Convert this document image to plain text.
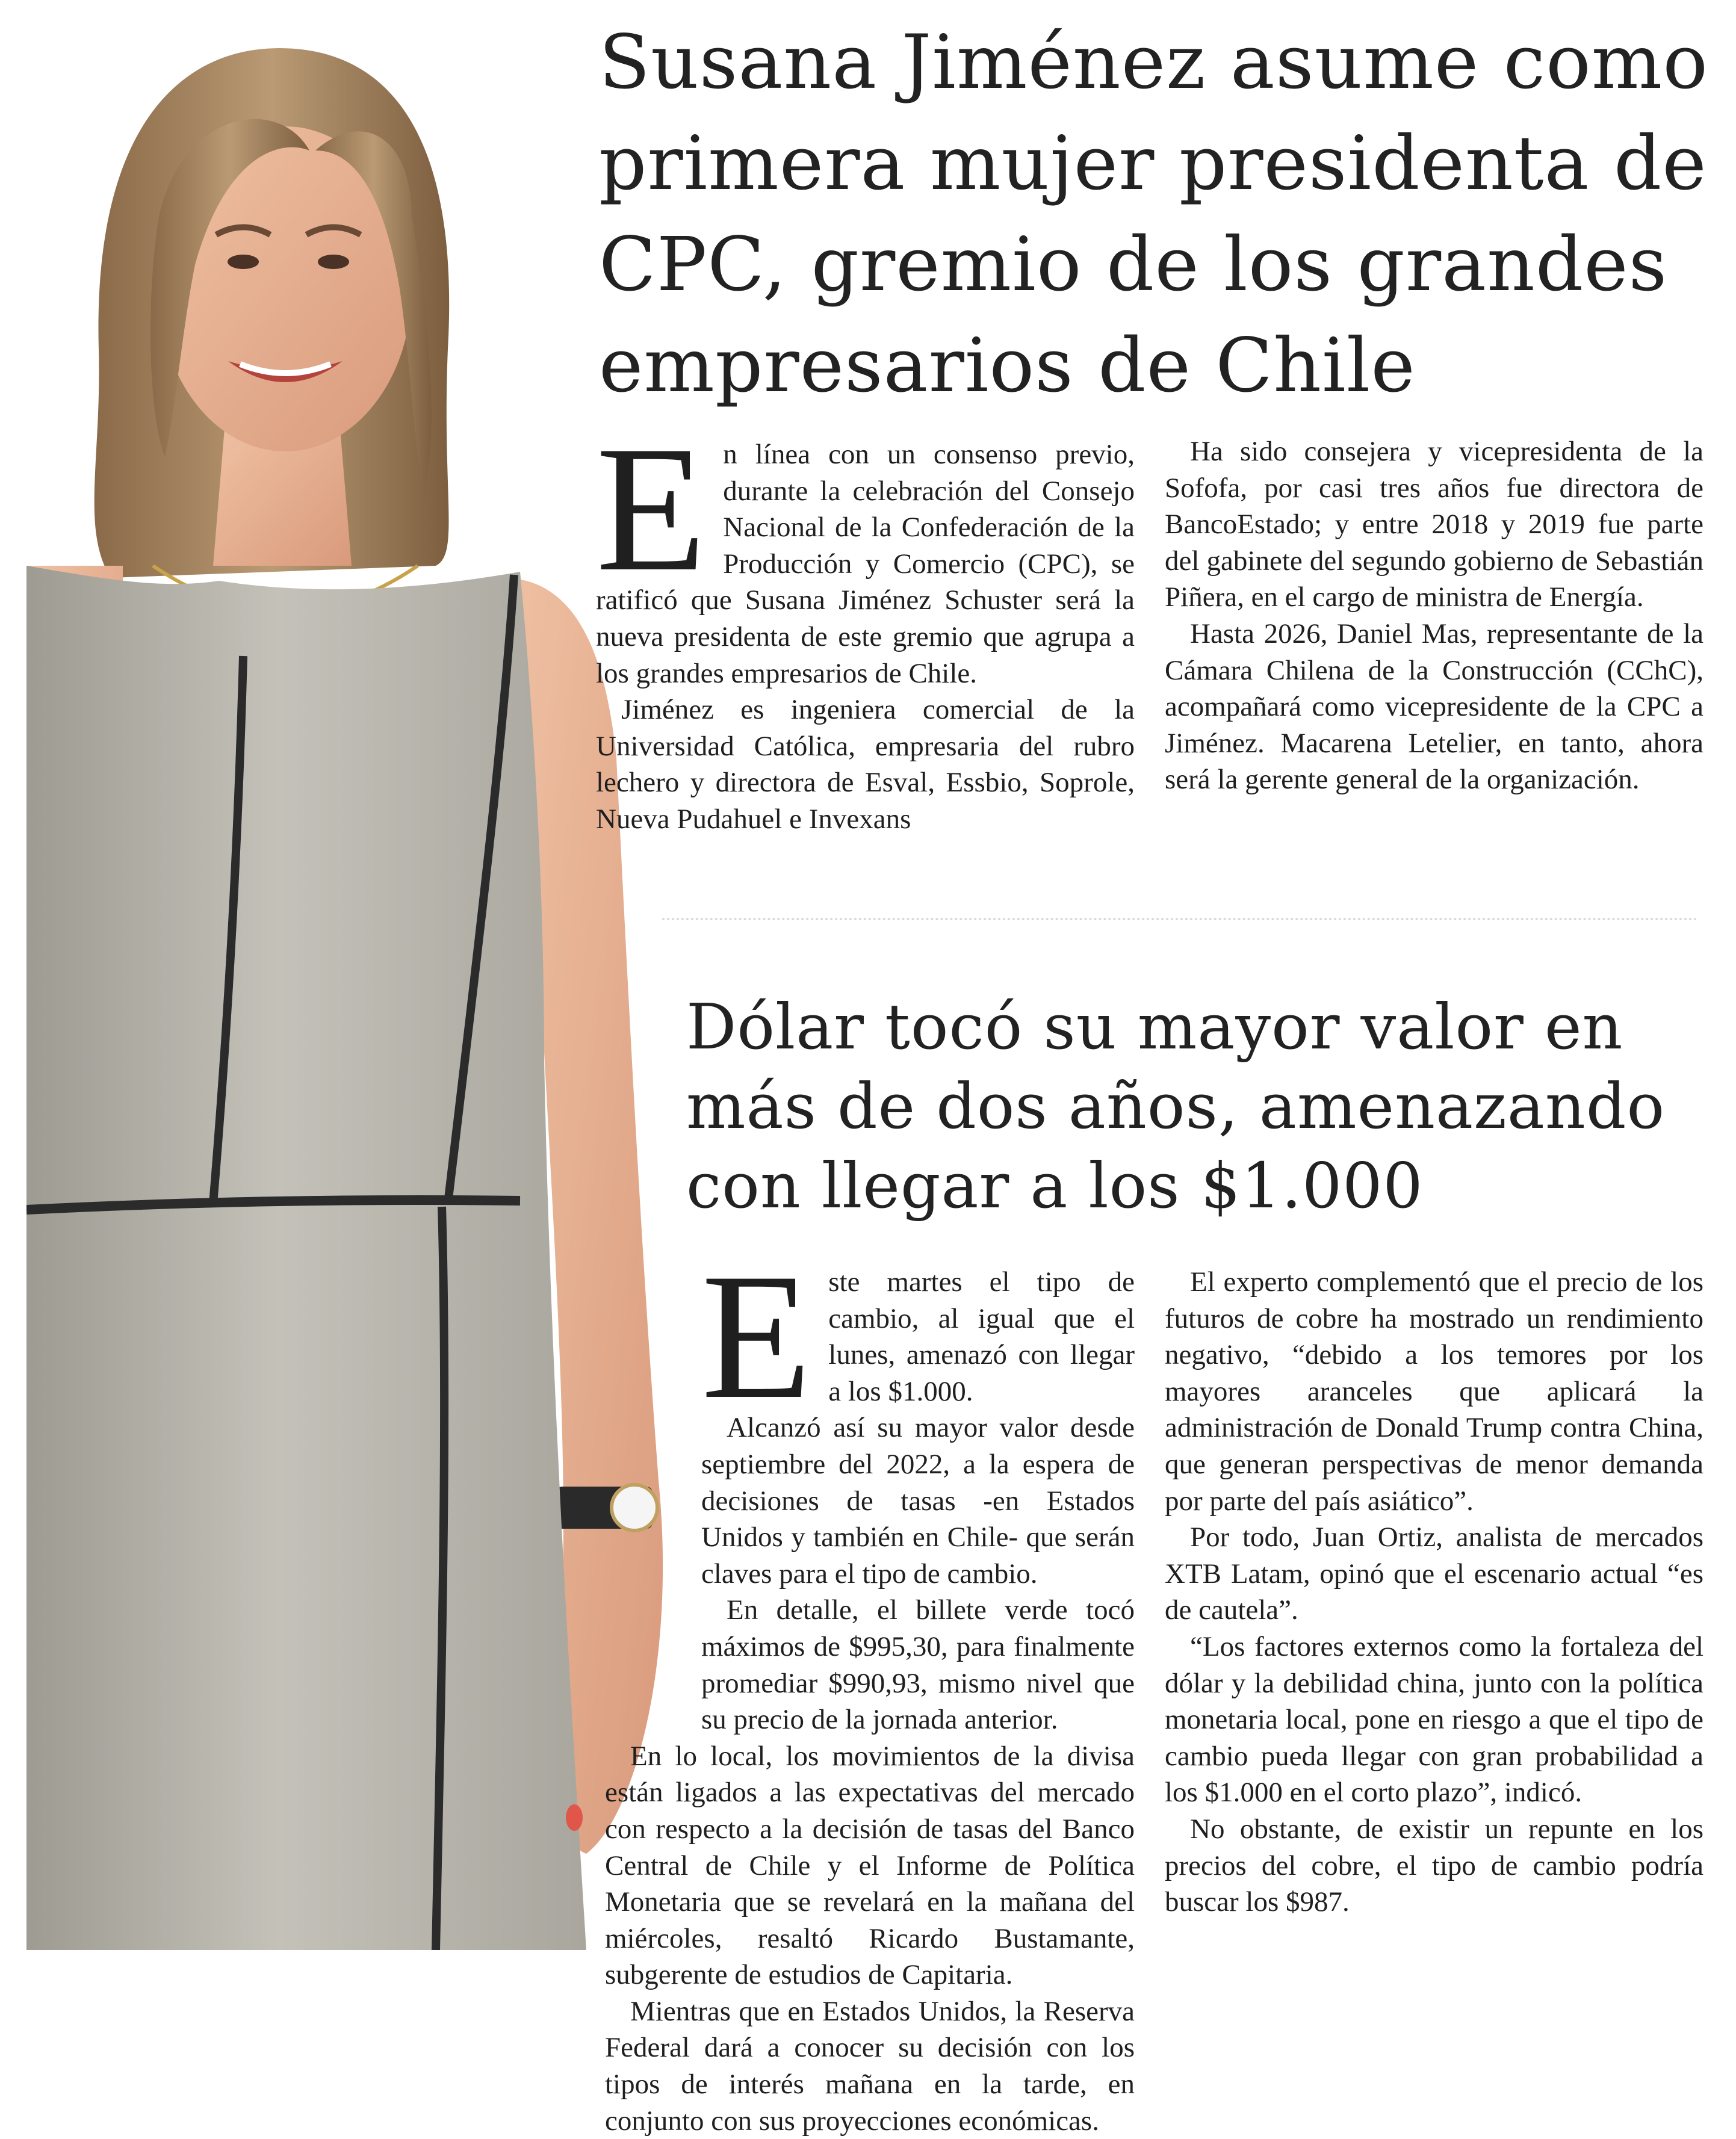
Susana Jiménez asume como primera mujer presidenta de CPC, gremio de los grandes empresarios de Chile
E n línea con un consenso previo, durante la celebración del Consejo Nacional de la Confederación de la Producción y Comercio (CPC), se ratificó que Susana Jiménez Schuster será la nueva presidenta de este gremio que agrupa a los grandes empresarios de Chile.

Jiménez es ingeniera comercial de la Universidad Católica, empresaria del rubro lechero y directora de Esval, Essbio, Soprole, Nueva Pudahuel e Invexans

Ha sido consejera y vicepresidenta de la Sofofa, por casi tres años fue directora de BancoEstado; y entre 2018 y 2019 fue parte del gabinete del segundo gobierno de Sebastián Piñera, en el cargo de ministra de Energía.

Hasta 2026, Daniel Mas, representante de la Cámara Chilena de la Construcción (CChC), acompañará como vicepresidente de la CPC a Jiménez. Macarena Letelier, en tanto, ahora será la gerente general de la organización.

Dólar tocó su mayor valor en más de dos años, amenazando con llegar a los $1.000
E ste martes el tipo de cambio, al igual que el lunes, amenazó con llegar a los $1.000.

Alcanzó así su mayor valor desde septiembre del 2022, a la espera de decisiones de tasas -en Estados Unidos y también en Chile- que serán claves para el tipo de cambio.

En detalle, el billete verde tocó máximos de $995,30, para finalmente promediar $990,93, mismo nivel que su precio de la jornada anterior.

En lo local, los movimientos de la divisa están ligados a las expectativas del mercado con respecto a la decisión de tasas del Banco Central de Chile y el Informe de Política Monetaria que se revelará en la mañana del miércoles, resaltó Ricardo Bustamante, subgerente de estudios de Capitaria.

Mientras que en Estados Unidos, la Reserva Federal dará a conocer su decisión con los tipos de interés mañana en la tarde, en conjunto con sus proyecciones económicas.

El experto complementó que el precio de los futuros de cobre ha mostrado un rendimiento negativo, “debido a los temores por los mayores aranceles que aplicará la administración de Donald Trump contra China, que generan perspectivas de menor demanda por parte del país asiático”.

Por todo, Juan Ortiz, analista de mercados XTB Latam, opinó que el escenario actual “es de cautela”.

“Los factores externos como la fortaleza del dólar y la debilidad china, junto con la política monetaria local, pone en riesgo a que el tipo de cambio pueda llegar con gran probabilidad a los $1.000 en el corto plazo”, indicó.

No obstante, de existir un repunte en los precios del cobre, el tipo de cambio podría buscar los $987.
